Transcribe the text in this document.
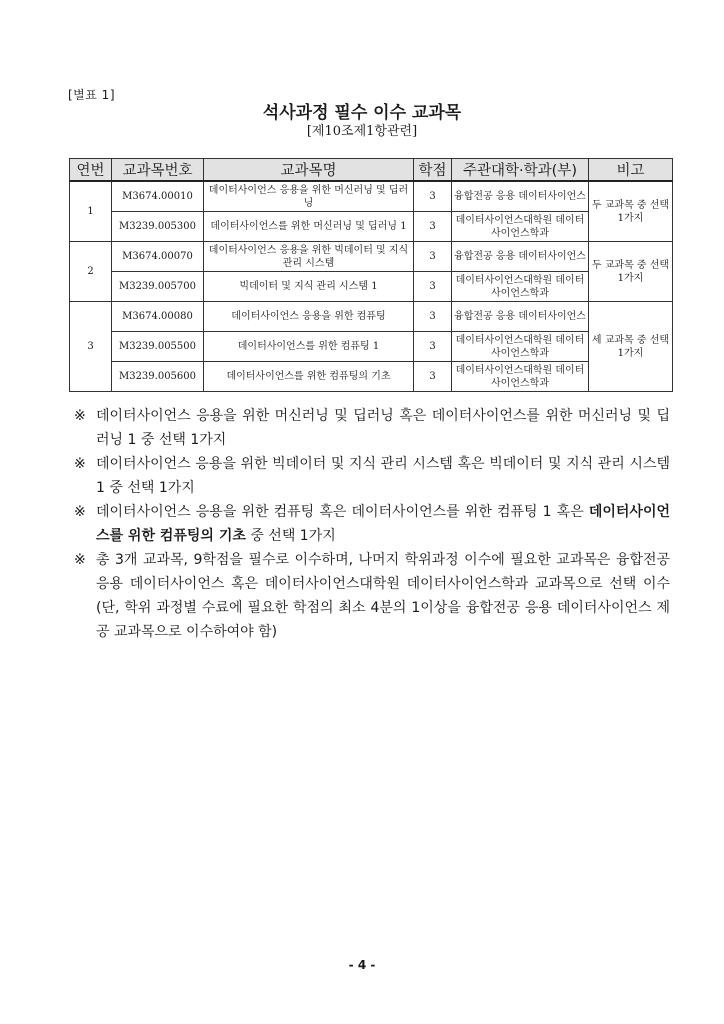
[별표 1]
석사과정 필수 이수 교과목
[제10조제1항관련]
연번	교과목번호	교과목명	학점	주관대학·학과(부)	비고
1	M3674.00010	데이터사이언스 응용을 위한 머신러닝 및 딥러닝	3	융합전공 응용 데이터사이언스	두 교과목 중 선택 1가지
	M3239.005300	데이터사이언스를 위한 머신러닝 및 딥러닝 1	3	데이터사이언스대학원 데이터사이언스학과	
2	M3674.00070	데이터사이언스 응용을 위한 빅데이터 및 지식 관리 시스템	3	융합전공 응용 데이터사이언스	두 교과목 중 선택 1가지
	M3239.005700	빅데이터 및 지식 관리 시스템 1	3	데이터사이언스대학원 데이터사이언스학과	
3	M3674.00080	데이터사이언스 응용을 위한 컴퓨팅	3	융합전공 응용 데이터사이언스	세 교과목 중 선택 1가지
	M3239.005500	데이터사이언스를 위한 컴퓨팅 1	3	데이터사이언스대학원 데이터사이언스학과	
	M3239.005600	데이터사이언스를 위한 컴퓨팅의 기초	3	데이터사이언스대학원 데이터사이언스학과	
※ 데이터사이언스 응용을 위한 머신러닝 및 딥러닝 혹은 데이터사이언스를 위한 머신러닝 및 딥러닝 1 중 선택 1가지
※ 데이터사이언스 응용을 위한 빅데이터 및 지식 관리 시스템 혹은 빅데이터 및 지식 관리 시스템 1 중 선택 1가지
※ 데이터사이언스 응용을 위한 컴퓨팅 혹은 데이터사이언스를 위한 컴퓨팅 1 혹은 데이터사이언스를 위한 컴퓨팅의 기초 중 선택 1가지
※ 총 3개 교과목, 9학점을 필수로 이수하며, 나머지 학위과정 이수에 필요한 교과목은 융합전공 응용 데이터사이언스 혹은 데이터사이언스대학원 데이터사이언스학과 교과목으로 선택 이수(단, 학위 과정별 수료에 필요한 학점의 최소 4분의 1이상을 융합전공 응용 데이터사이언스 제공 교과목으로 이수하여야 함)
- 4 -
